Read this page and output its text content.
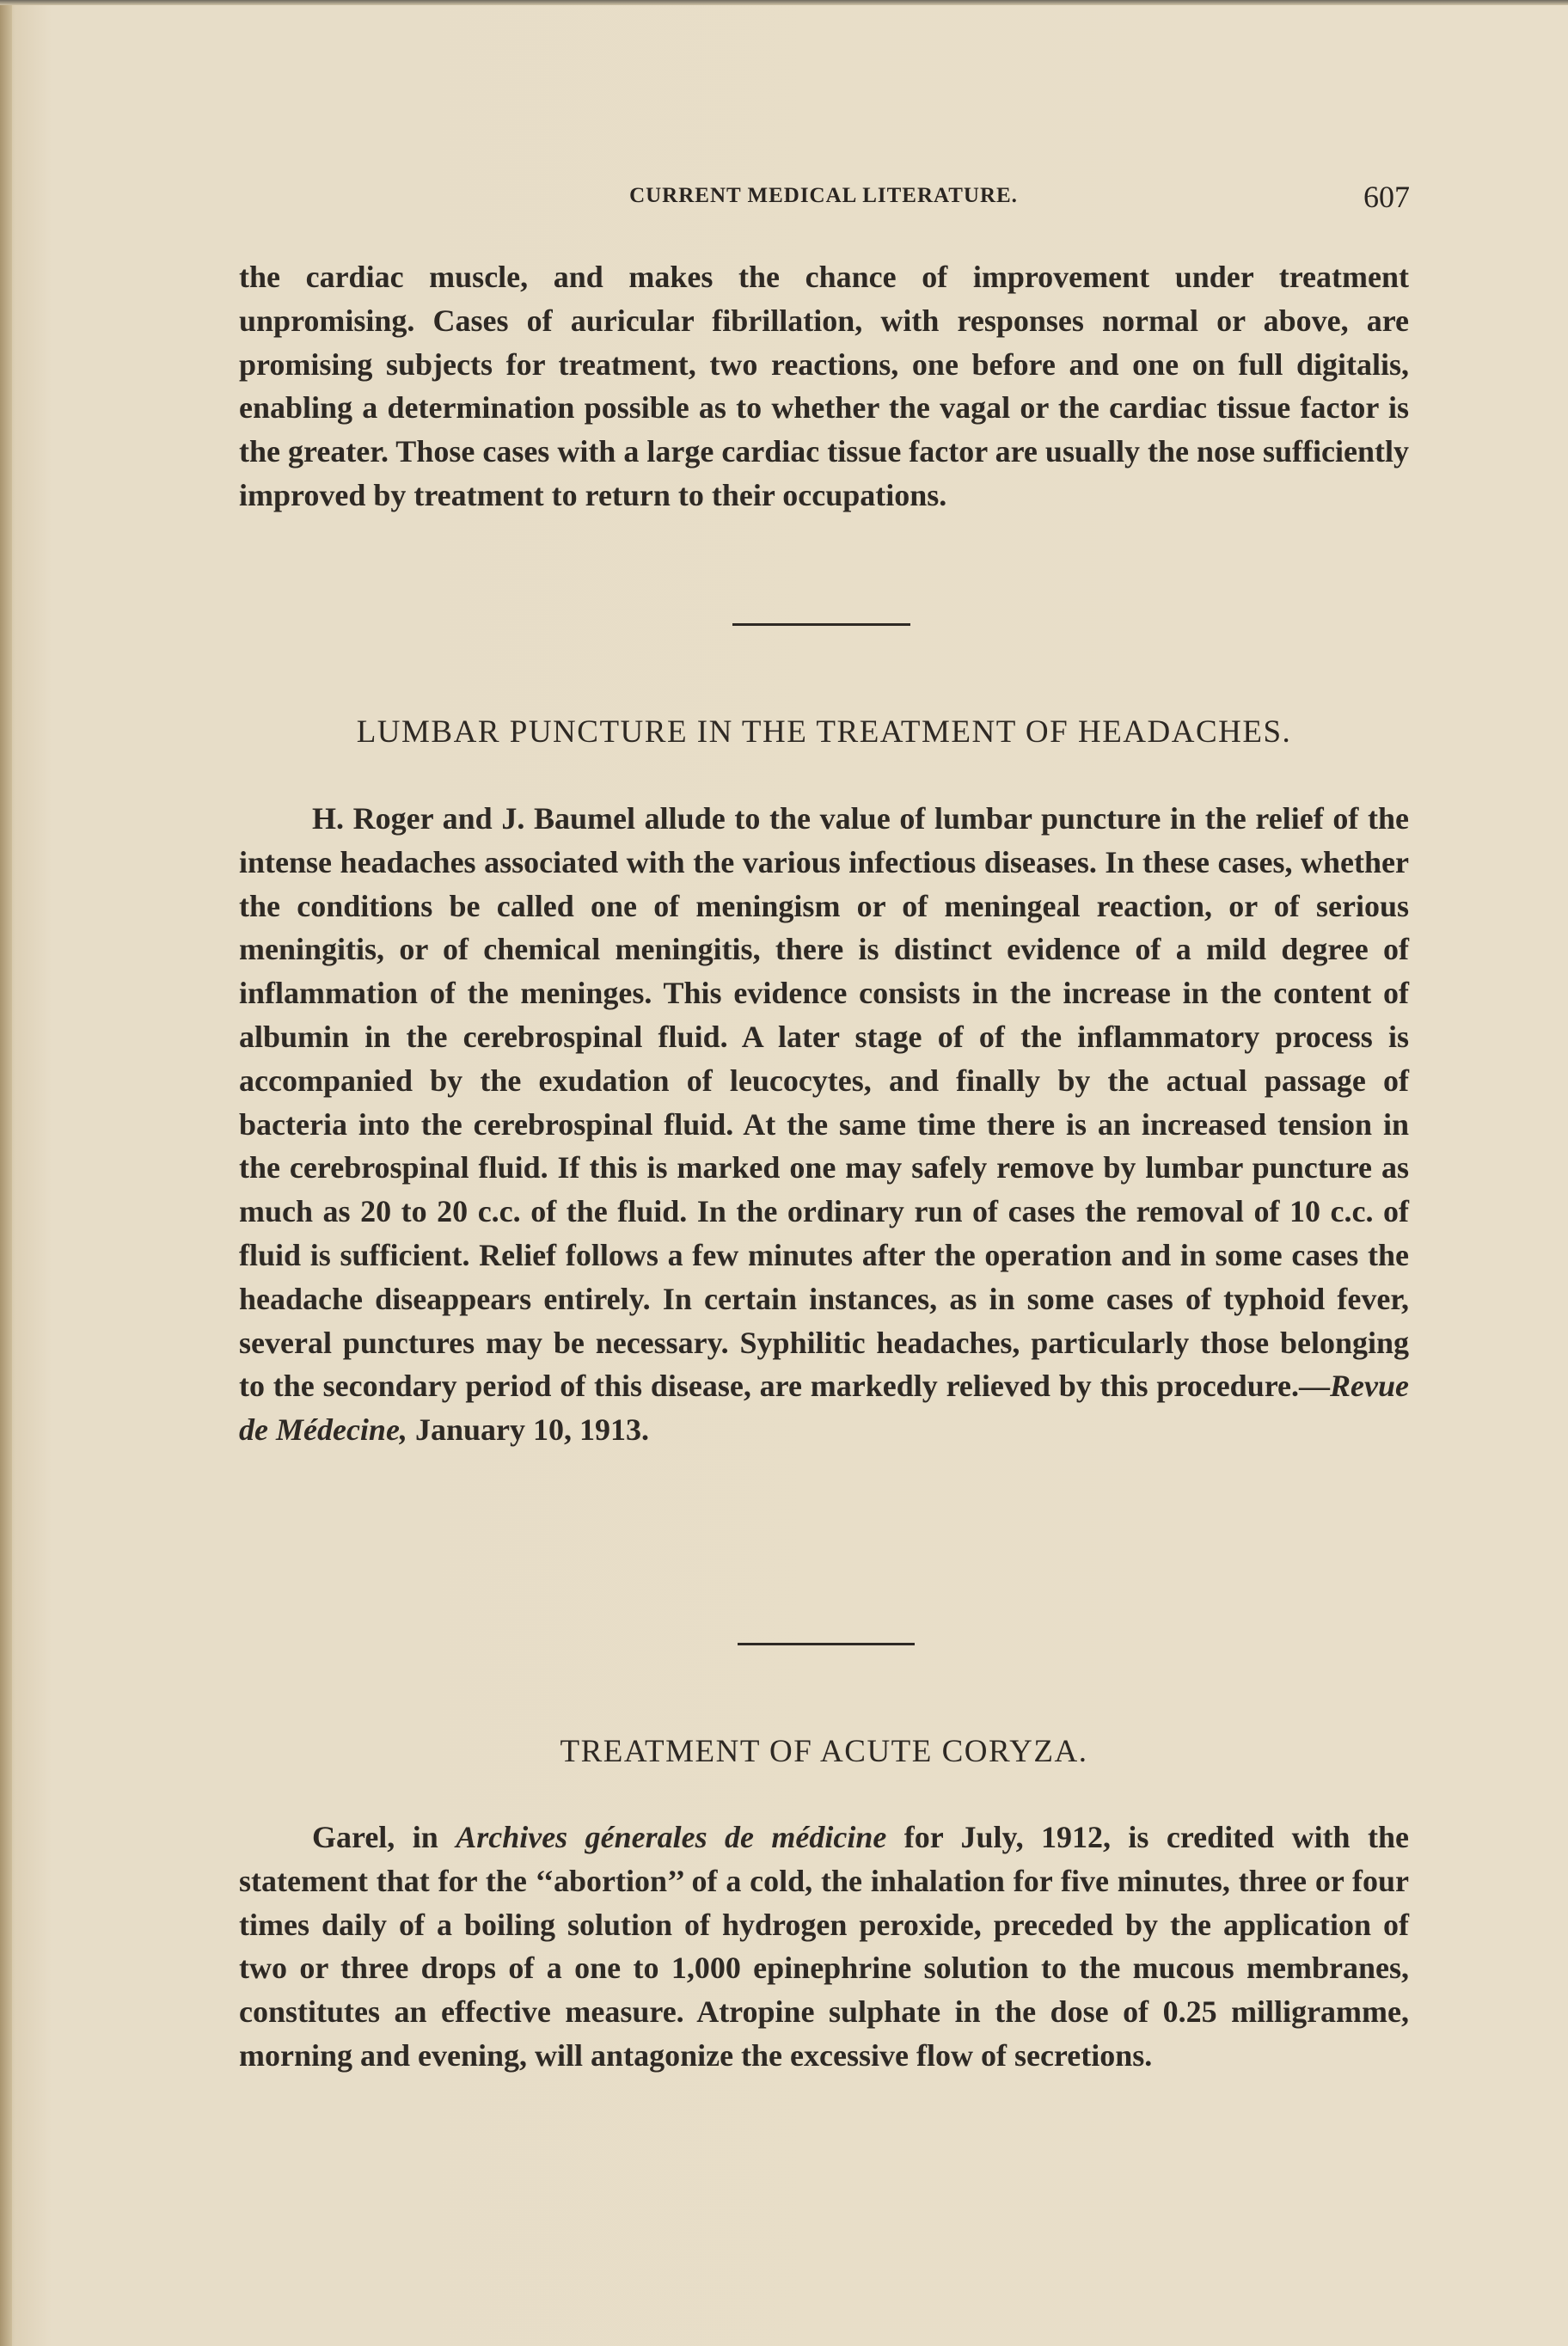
CURRENT MEDICAL LITERATURE.	607

the cardiac muscle, and makes the chance of improvement under treatment unpromising. Cases of auricular fibrillation, with responses normal or above, are promising subjects for treatment, two reactions, one before and one on full digitalis, enabling a determination possible as to whether the vagal or the cardiac tissue factor is the greater. Those cases with a large cardiac tissue factor are usually the nose sufficiently improved by treatment to return to their occupations.

LUMBAR PUNCTURE IN THE TREATMENT OF HEADACHES.

H. Roger and J. Baumel allude to the value of lumbar puncture in the relief of the intense headaches associated with the various infectious diseases. In these cases, whether the conditions be called one of meningism or of meningeal reaction, or of serious meningitis, or of chemical meningitis, there is distinct evidence of a mild degree of inflammation of the meninges. This evidence consists in the increase in the content of albumin in the cerebrospinal fluid. A later stage of of the inflammatory process is accompanied by the exudation of leucocytes, and finally by the actual passage of bacteria into the cerebrospinal fluid. At the same time there is an increased tension in the cerebrospinal fluid. If this is marked one may safely remove by lumbar puncture as much as 20 to 20 c.c. of the fluid. In the ordinary run of cases the removal of 10 c.c. of fluid is sufficient. Relief follows a few minutes after the operation and in some cases the headache diseappears entirely. In certain instances, as in some cases of typhoid fever, several punctures may be necessary. Syphilitic headaches, particularly those belonging to the secondary period of this disease, are markedly relieved by this procedure.—Revue de Médecine, January 10, 1913.

TREATMENT OF ACUTE CORYZA.

Garel, in Archives génerales de médicine for July, 1912, is credited with the statement that for the ‘‘abortion’’ of a cold, the inhalation for five minutes, three or four times daily of a boiling solution of hydrogen peroxide, preceded by the application of two or three drops of a one to 1,000 epinephrine solution to the mucous membranes, constitutes an effective measure. Atropine sulphate in the dose of 0.25 milligramme, morning and evening, will antagonize the excessive flow of secretions.
